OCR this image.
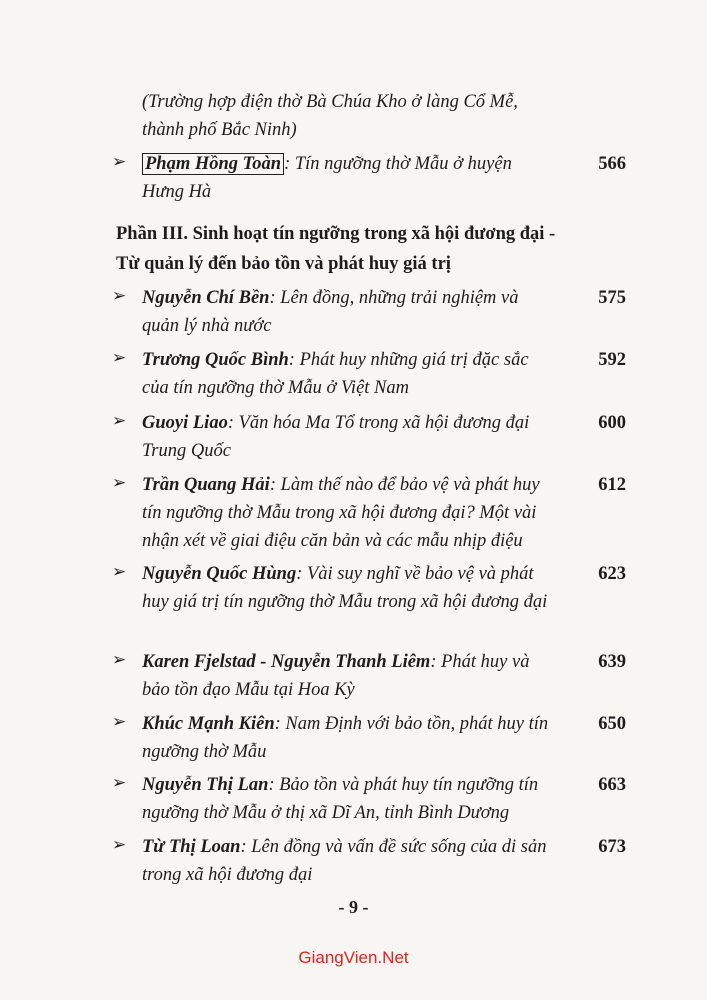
(Trường hợp điện thờ Bà Chúa Kho ở làng Cổ Mễ, thành phố Bắc Ninh)
➢ Phạm Hồng Toàn : Tín ngưỡng thờ Mẫu ở huyện Hưng Hà
566
Phần III. Sinh hoạt tín ngưỡng trong xã hội đương đại - Từ quản lý đến bảo tồn và phát huy giá trị
➢ Nguyễn Chí Bền: Lên đồng, những trải nghiệm và quản lý nhà nước
575
➢ Trương Quốc Bình: Phát huy những giá trị đặc sắc của tín ngưỡng thờ Mẫu ở Việt Nam
592
➢ Guoyi Liao: Văn hóa Ma Tổ trong xã hội đương đại Trung Quốc
600
➢ Trần Quang Hải: Làm thế nào để bảo vệ và phát huy tín ngưỡng thờ Mẫu trong xã hội đương đại? Một vài nhận xét về giai điệu căn bản và các mẫu nhịp điệu
612
➢ Nguyễn Quốc Hùng: Vài suy nghĩ về bảo vệ và phát huy giá trị tín ngưỡng thờ Mẫu trong xã hội đương đại
623
➢ Karen Fjelstad - Nguyễn Thanh Liêm: Phát huy và bảo tồn đạo Mẫu tại Hoa Kỳ
639
➢ Khúc Mạnh Kiên: Nam Định với bảo tồn, phát huy tín ngưỡng thờ Mẫu
650
➢ Nguyễn Thị Lan: Bảo tồn và phát huy tín ngưỡng tín ngưỡng thờ Mẫu ở thị xã Dĩ An, tỉnh Bình Dương
663
➢ Từ Thị Loan: Lên đồng và vấn đề sức sống của di sản trong xã hội đương đại
673
- 9 -
GiangVien.Net
